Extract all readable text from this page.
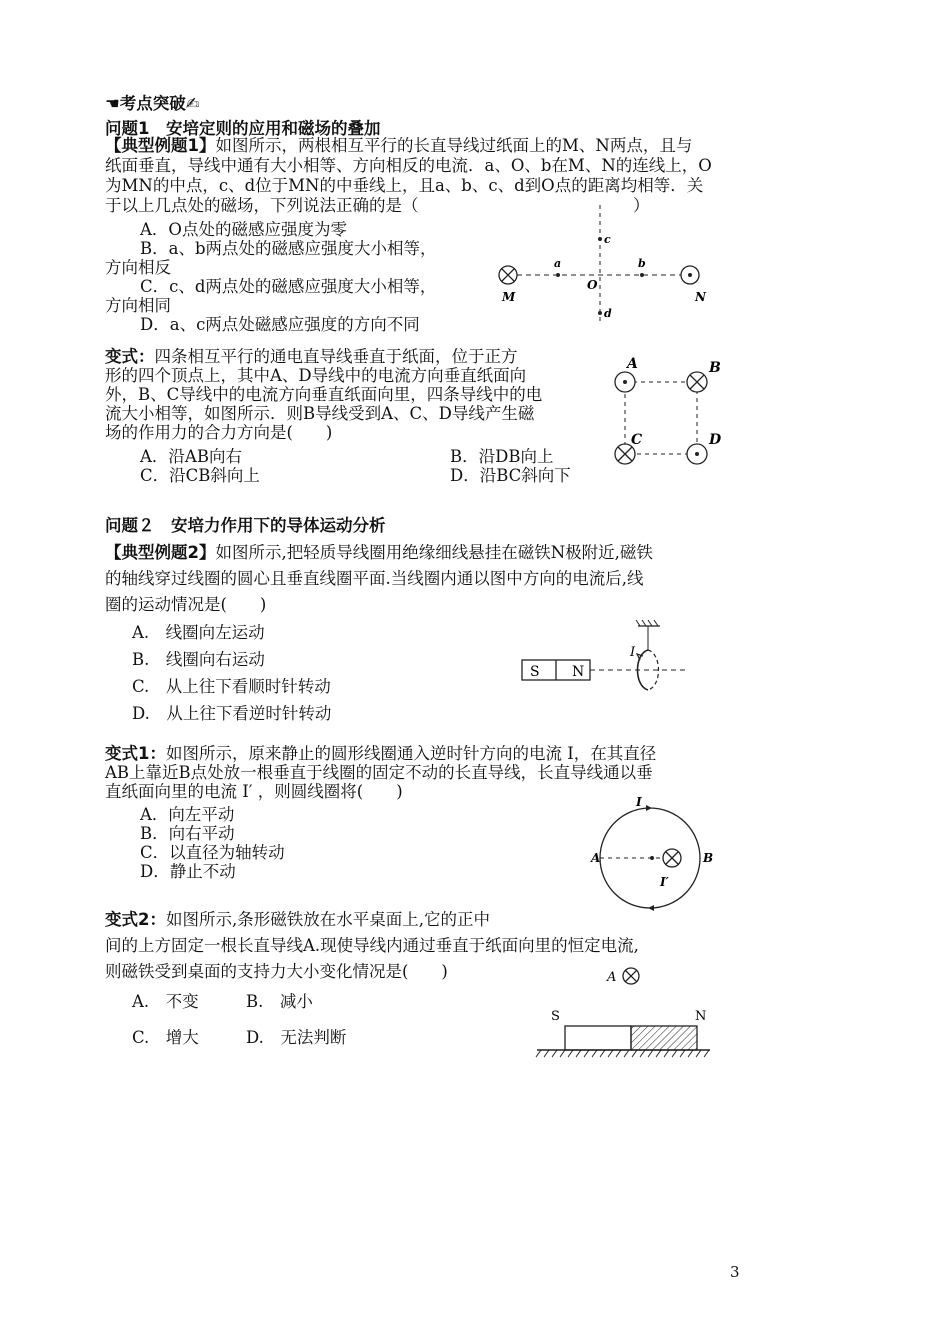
☚考点突破✍
问题1　安培定则的应用和磁场的叠加
【典型例题1】如图所示，两根相互平行的长直导线过纸面上的M、N两点，且与
纸面垂直，导线中通有大小相等、方向相反的电流．a、O、b在M、N的连线上，O
为MN的中点，c、d位于MN的中垂线上，且a、b、c、d到O点的距离均相等．关
于以上几点处的磁场，下列说法正确的是（　　　　　　　　　　　　　）
A．O点处的磁感应强度为零
B．a、b两点处的磁感应强度大小相等，
方向相反
C．c、d两点处的磁感应强度大小相等，
方向相同
D．a、c两点处磁感应强度的方向不同
M
a
O
b
N
c
d
变式：四条相互平行的通电直导线垂直于纸面，位于正方
形的四个顶点上，其中A、D导线中的电流方向垂直纸面向
外，B、C导线中的电流方向垂直纸面向里，四条导线中的电
流大小相等，如图所示．则B导线受到A、C、D导线产生磁
场的作用力的合力方向是(　　)
A．沿AB向右	B．沿DB向上
C．沿CB斜向上	D．沿BC斜向下
A	B
C	D
问题２　安培力作用下的导体运动分析
【典型例题2】如图所示,把轻质导线圈用绝缘细线悬挂在磁铁N极附近,磁铁
的轴线穿过线圈的圆心且垂直线圈平面.当线圈内通以图中方向的电流后,线
圈的运动情况是(　　)
A.　线圈向左运动
B.　线圈向右运动
C.　从上往下看顺时针转动
D.　从上往下看逆时针转动
S N
I
变式1：如图所示，原来静止的圆形线圈通入逆时针方向的电流 I，在其直径
AB上靠近B点处放一根垂直于线圈的固定不动的长直导线，长直导线通以垂
直纸面向里的电流 I′ ，则圆线圈将(　　)
A．向左平动
B．向右平动
C．以直径为轴转动
D．静止不动
I
A	B
I′
变式2：如图所示,条形磁铁放在水平桌面上,它的正中
间的上方固定一根长直导线A.现使导线内通过垂直于纸面向里的恒定电流,
则磁铁受到桌面的支持力大小变化情况是(　　)
A.　不变	B.　减小
C.　增大	D.　无法判断
A
S	N
3
